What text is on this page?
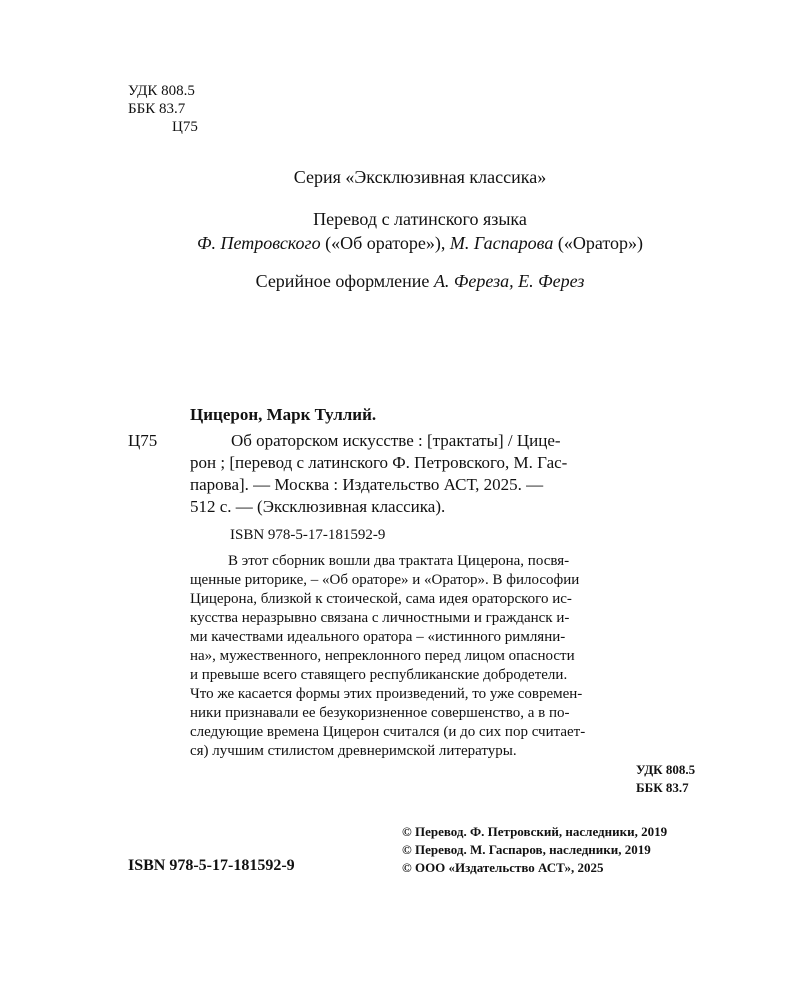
УДК 808.5
ББК 83.7
Ц75
Серия «Эксклюзивная классика»
Перевод с латинского языка
Ф. Петровского («Об ораторе»), М. Гаспарова («Оратор»)
Серийное оформление А. Фереза, Е. Ферез
Цицерон, Марк Туллий.
Ц75	Об ораторском искусстве : [трактаты] / Цице-
рон ; [перевод с латинского Ф. Петровского, М. Гас-
парова]. — Москва : Издательство АСТ, 2025. —
512 с. — (Эксклюзивная классика).
ISBN 978-5-17-181592-9
В этот сборник вошли два трактата Цицерона, посвя-
щенные риторике, – «Об ораторе» и «Оратор». В философии
Цицерона, близкой к стоической, сама идея ораторского ис-
кусства неразрывно связана с личностными и гражданск и-
ми качествами идеального оратора – «истинного римляни-
на», мужественного, непреклонного перед лицом опасности
и превыше всего ставящего республиканские добродетели.
Что же касается формы этих произведений, то уже современ-
ники признавали ее безукоризненное совершенство, а в по-
следующие времена Цицерон считался (и до сих пор считает-
ся) лучшим стилистом древнеримской литературы.
УДК 808.5
ББК 83.7
ISBN 978-5-17-181592-9
© Перевод. Ф. Петровский, наследники, 2019
© Перевод. М. Гаспаров, наследники, 2019
© ООО «Издательство АСТ», 2025
